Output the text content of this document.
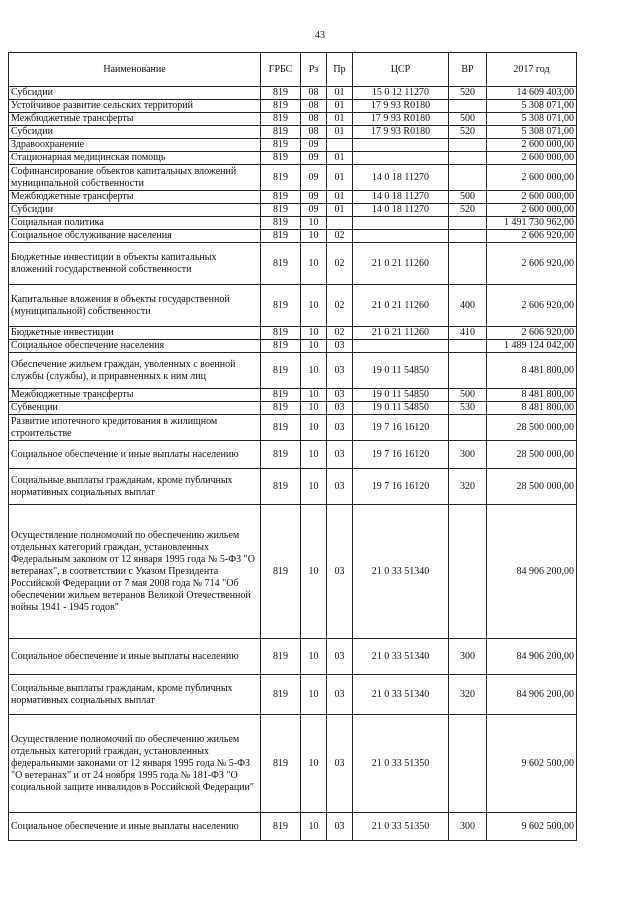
43
Наименование	ГРБС	Рз	Пр	ЦСР	ВР	2017 год
Субсидии	819	08	01	15 0 12 11270	520	14 609 403,00
Устойчивое развитие сельских территорий	819	08	01	17 9 93 R0180		5 308 071,00
Межбюджетные трансферты	819	08	01	17 9 93 R0180	500	5 308 071,00
Субсидии	819	08	01	17 9 93 R0180	520	5 308 071,00
Здравоохранение	819	09				2 600 000,00
Стационарная медицинская помощь	819	09	01			2 600 000,00
Софинансирование объектов капитальных вложений муниципальной собственности	819	09	01	14 0 18 11270		2 600 000,00
Межбюджетные трансферты	819	09	01	14 0 18 11270	500	2 600 000,00
Субсидии	819	09	01	14 0 18 11270	520	2 600 000,00
Социальная политика	819	10				1 491 730 962,00
Социальное обслуживание населения	819	10	02			2 606 920,00
Бюджетные инвестиции в объекты капитальных вложений государственной собственности	819	10	02	21 0 21 11260		2 606 920,00
Капитальные вложения в объекты государственной (муниципальной) собственности	819	10	02	21 0 21 11260	400	2 606 920,00
Бюджетные инвестиции	819	10	02	21 0 21 11260	410	2 606 920,00
Социальное обеспечение населения	819	10	03			1 489 124 042,00
Обеспечение жильем граждан, уволенных с военной службы (службы), и приравненных к ним лиц	819	10	03	19 0 11 54850		8 481 800,00
Межбюджетные трансферты	819	10	03	19 0 11 54850	500	8 481 800,00
Субвенции	819	10	03	19 0 11 54850	530	8 481 800,00
Развитие ипотечного кредитования в жилищном строительстве	819	10	03	19 7 16 16120		28 500 000,00
Социальное обеспечение и иные выплаты населению	819	10	03	19 7 16 16120	300	28 500 000,00
Социальные выплаты гражданам, кроме публичных нормативных социальных выплат	819	10	03	19 7 16 16120	320	28 500 000,00
Осуществление полномочий по обеспечению жильем отдельных категорий граждан, установленных Федеральным законом от 12 января 1995 года № 5-ФЗ "О ветеранах", в соответствии с Указом Президента Российской Федерации от 7 мая 2008 года № 714 "Об обеспечении жильем ветеранов Великой Отечественной войны 1941 - 1945 годов"	819	10	03	21 0 33 51340		84 906 200,00
Социальное обеспечение и иные выплаты населению	819	10	03	21 0 33 51340	300	84 906 200,00
Социальные выплаты гражданам, кроме публичных нормативных социальных выплат	819	10	03	21 0 33 51340	320	84 906 200,00
Осуществление полномочий по обеспечению жильем отдельных категорий граждан, установленных федеральными законами от 12 января 1995 года № 5-ФЗ "О ветеранах" и от 24 ноября 1995 года № 181-ФЗ "О социальной защите инвалидов в Российской Федерации"	819	10	03	21 0 33 51350		9 602 500,00
Социальное обеспечение и иные выплаты населению	819	10	03	21 0 33 51350	300	9 602 500,00
